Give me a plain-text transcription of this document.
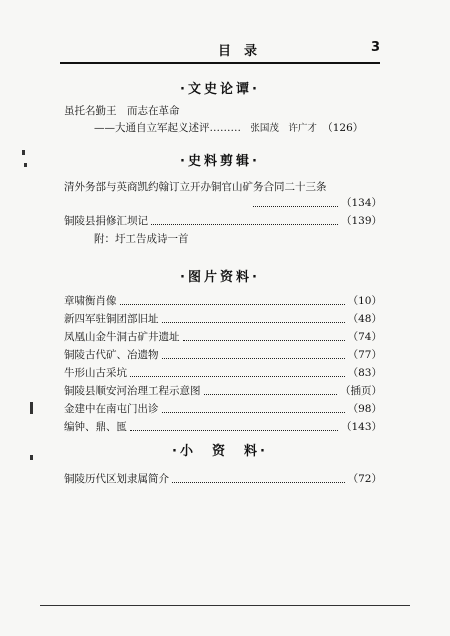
目 录	3
·文史论谭·
虽托名勤王　而志在革命
——大通自立军起义述评……… 张国茂　许广才 （126）
·史料剪辑·
清外务部与英商凯约翰订立开办铜官山矿务合同二十三条
（134）
铜陵县捐修汇坝记	（139）
附：圩工告成诗一首
·图片资料·
章啸衡肖像	（10）
新四军驻铜团部旧址	（48）
凤凰山金牛洞古矿井遗址	（74）
铜陵古代矿、冶遗物	（77）
牛形山古采坑	（83）
铜陵县顺安河治理工程示意图	（插页）
金建中在南屯门出诊	（98）
编钟、鼎、匜	（143）
·小　资　料·
铜陵历代区划隶属简介	（72）
